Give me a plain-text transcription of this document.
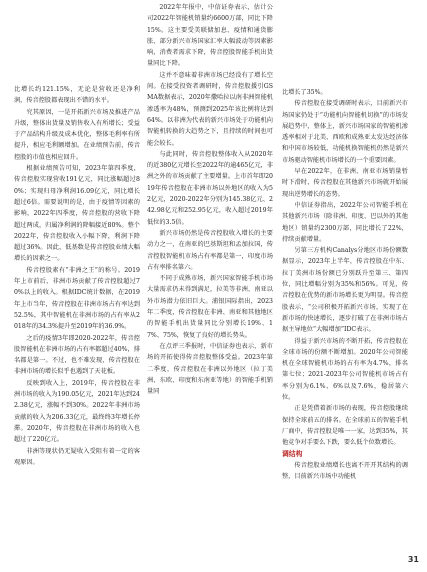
比增长约121.15%，无论是营收还是净利润，传音控股都表现出不错的水平。

究其原因，一是开拓新兴市场及推进产品升级，整体出货量及销售收入有所增长；受益于产品结构升级及成本优化，整体毛利率有所提升，相应毛利额增加。在业绩预告前，传音控股的市值也相应回升。

根据业绩预告可知，2023年第四季度，传音控股实现营收191亿元，同比涨幅超过80%；实现归母净利润16.09亿元，同比增长超过6倍。需要说明的是，由于疫情等因素的影响，2022年四季度，传音控股的营收下降超过两成，归属净利润的降幅接近80%。整个2022年，传音控股收入小幅下降，利润下降超过36%。因此，低基数是传音控股业绩大幅增长的因素之一。

传音控股素有“非洲之王”的称号。2019年上市前后，非洲市场贡献了传音控股超过70%以上的收入。根据IDC统计数据，在2019年上市当年，传音控股在非洲市场占有率达到52.5%，其中智能机在非洲市场的占有率从2018年的34.3%提升至2019年的36.9%。

之后的疫情3年即2020-2022年，传音控股智能机在非洲市场的占有率都超过40%，排名都是第一。不过，也不难发现，传音控股在非洲市场的增长似乎也遇到了天花板。

反映到收入上，2019年，传音控股在非洲市场的收入为190.05亿元，2021年达到242.38亿元，涨幅不到30%。2022年非洲市场贡献的收入为206.33亿元，最终终3年增长停滞。2020年，传音控股在非洲市场的收入也超过了220亿元。

非洲等现状仍无疑收入受阻有着一定的客观原因。

2022年年报中，中信证券表示，估计公司2022年智能机销量约6600万部，同比下降15%。这主要受美联储加息、疫情和通货膨胀、部分新兴市场国家汇率大幅波动等因素影响，消费者需求下降，传音控股智能手机出货量同比下降。

这并不意味着非洲市场已经没有了增长空间。在接受投资者调研时，传音控股援引GSMA数据表示，2020年撒哈拉以南非洲智能机渗透率为48%，预测到2025年该比例将达到64%。以非洲为代表的新兴市场处于功能机向智能机转换的大趋势之下，且持续的时间也可能会较长。

与此同时，传音控股整体收入从2020年的近380亿元增长至2022年的逾465亿元，非洲之外的市场贡献了主要增量。上市首年即2019年传音控股在非洲市场以外地区的收入为52亿元，2020-2022年分别为145.38亿元、242.98亿元和252.95亿元，收入超过2019年低位的3.5倍。

新兴市场仍然是传音控股收入增长的主要动力之一，在南亚的巴基斯坦和孟加拉国，传音控股智能机市场占有率都是第一，印度市场占有率排名第六。

不同于成熟市场，新兴国家智能手机市场大量需求仍未得到满足，拉美等非洲、南亚以外市场潜力依旧巨大。浦银国际指出，2023年二季度，传音控股在非洲、南亚和其他地区的智能手机出货量同比分别增长19%、17%、75%，恢复了良好的增长势头。

在点评三季报时，中信证券也表示，新市场的开拓使得传音控股整体受益。2023年第二季度，传音控股在非洲以外地区（拉丁美洲、东欧、印度和东南亚等地）的智能手机销量同

比增长了35%。

传音控股在接受调研时表示，目前新兴市场国家仍处于“功能机向智能机切换”的市场发展趋势中，整体上，新兴市场国家的智能机渗透率相对于北美、西欧和成熟亚太发达经济体和中国市场较低，功能机换智能机仍然是新兴市场驱动智能机市场增长的一个重要因素。

早在2022年，在非洲、南亚市场销量暂时下滑时，传音控股在其他新兴市场就开始展现出逆势增长的态势。

中信证券指出，2022年公司智能手机在其他新兴市场（除非洲、印度、巴以外的其他地区）销量约2300万部，同比增长了22%，持续贡献增量。

另第三方机构Canalys分地区市场份额数据显示，2023年上半年，传音控股在中东、拉丁美洲市场份额已分别跃升至第三、第四位，同比增幅分别为35%和56%。可见，传音控股在优势的新市场增长更为明显。传音控股表示，“公司积极开拓新兴市场，实现了在新市场的快速增长，逐步打破了在非洲市场占据主导地位“大幅增加”IDC表示。

得益于新兴市场的不断开拓，传音控股在全球市场的份额不断增加。2020年公司智能机在全球智能机市场的占有率为4.7%，排名第七位；2021-2023年公司智能机市场占有率分别为6.1%、6%以及7.6%，稳居第六位。

正是凭借着新市场的表现，传音控股继续保持全球前五的排名。在全球前五的智能手机厂商中，传音控股是唯一一家，达到35%，其他竞争对手要么下跌，要么低个位数增长。

调结构

传音控股业绩增长也离不开开其结构的调整，目前新兴市场中功能机

31
